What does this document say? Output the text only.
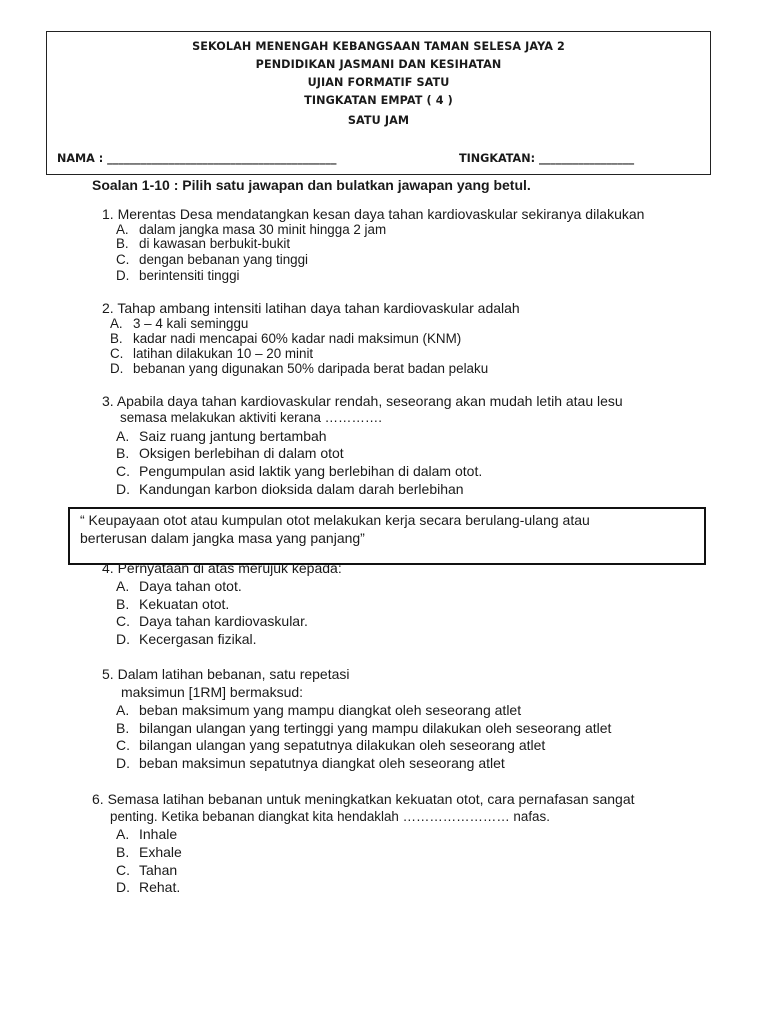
SEKOLAH MENENGAH KEBANGSAAN TAMAN SELESA JAYA 2
PENDIDIKAN JASMANI DAN KESIHATAN
UJIAN FORMATIF SATU
TINGKATAN EMPAT ( 4 )
SATU JAM
NAMA : _________________________________________	TINGKATAN: _________________
Soalan 1-10 : Pilih satu jawapan dan bulatkan jawapan yang betul.
1. Merentas Desa mendatangkan kesan daya tahan kardiovaskular sekiranya dilakukan
A. dalam jangka masa 30 minit hingga 2 jam
B. di kawasan berbukit-bukit
C. dengan bebanan yang tinggi
D. berintensiti tinggi
2. Tahap ambang intensiti latihan daya tahan kardiovaskular adalah
A. 3 – 4 kali seminggu
B. kadar nadi mencapai 60% kadar nadi maksimun (KNM)
C. latihan dilakukan 10 – 20 minit
D. bebanan yang digunakan 50% daripada berat badan pelaku
3. Apabila daya tahan kardiovaskular rendah, seseorang akan mudah letih atau lesu
semasa melakukan aktiviti kerana ………….
A. Saiz ruang jantung bertambah
B. Oksigen berlebihan di dalam otot
C. Pengumpulan asid laktik yang berlebihan di dalam otot.
D. Kandungan karbon dioksida dalam darah berlebihan
“ Keupayaan otot atau kumpulan otot melakukan kerja secara berulang-ulang atau
berterusan dalam jangka masa yang panjang”
4. Pernyataan di atas merujuk kepada:
A. Daya tahan otot.
B. Kekuatan otot.
C. Daya tahan kardiovaskular.
D. Kecergasan fizikal.
5. Dalam latihan bebanan, satu repetasi
maksimun [1RM] bermaksud:
A. beban maksimum yang mampu diangkat oleh seseorang atlet
B. bilangan ulangan yang tertinggi yang mampu dilakukan oleh seseorang atlet
C. bilangan ulangan yang sepatutnya dilakukan oleh seseorang atlet
D. beban maksimun sepatutnya diangkat oleh seseorang atlet
6. Semasa latihan bebanan untuk meningkatkan kekuatan otot, cara pernafasan sangat
penting. Ketika bebanan diangkat kita hendaklah …………………… nafas.
A. Inhale
B. Exhale
C. Tahan
D. Rehat.
